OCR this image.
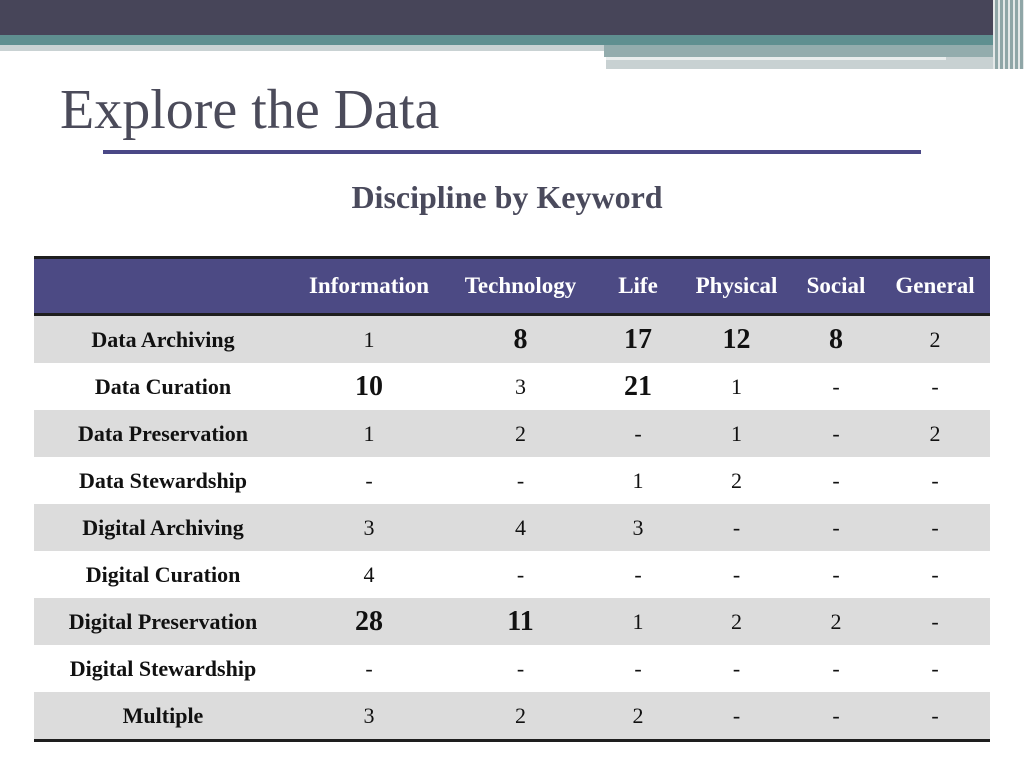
Explore the Data
Discipline by Keyword
	Information	Technology	Life	Physical	Social	General
Data Archiving	1	8	17	12	8	2
Data Curation	10	3	21	1	-	-
Data Preservation	1	2	-	1	-	2
Data Stewardship	-	-	1	2	-	-
Digital Archiving	3	4	3	-	-	-
Digital Curation	4	-	-	-	-	-
Digital Preservation	28	11	1	2	2	-
Digital Stewardship	-	-	-	-	-	-
Multiple	3	2	2	-	-	-
